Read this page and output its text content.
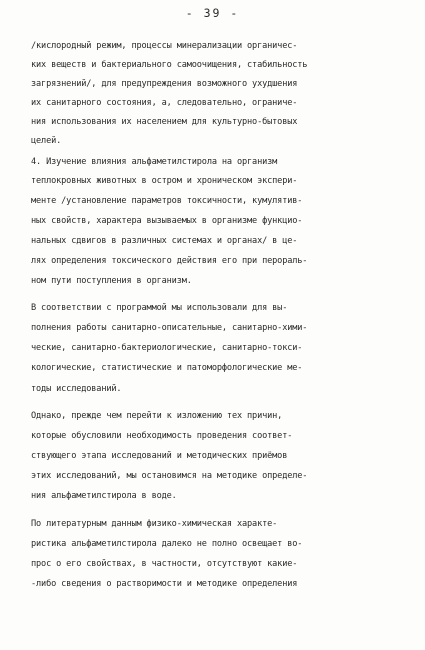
- 39 -
/кислородный режим, процессы минерализации органичес-
ких веществ и бактериального самоочищения, стабильность
загрязнений/, для предупреждения возможного ухудшения
их санитарного состояния, а, следовательно, ограниче-
ния использования их населением для культурно-бытовых
целей.
4. Изучение влияния альфаметилстирола на организм
теплокровных животных в остром и хроническом экспери-
менте /установление параметров токсичности, кумулятив-
ных свойств, характера вызываемых в организме функцио-
нальных сдвигов в различных системах и органах/ в це-
лях определения токсического действия его при перораль-
ном пути поступления в организм.
В соответствии с программой мы использовали для вы-
полнения работы санитарно-описательные, санитарно-хими-
ческие, санитарно-бактериологические, санитарно-токси-
кологические, статистические и патоморфологические ме-
тоды исследований.
Однако, прежде чем перейти к изложению тех причин,
которые обусловили необходимость проведения соответ-
ствующего этапа исследований и методических приёмов
этих исследований, мы остановимся на методике определе-
ния альфаметилстирола в воде.
По литературным данным физико-химическая характе-
ристика альфаметилстирола далеко не полно освещает во-
прос о его свойствах, в частности, отсутствуют какие-
-либо сведения о растворимости и методике определения
